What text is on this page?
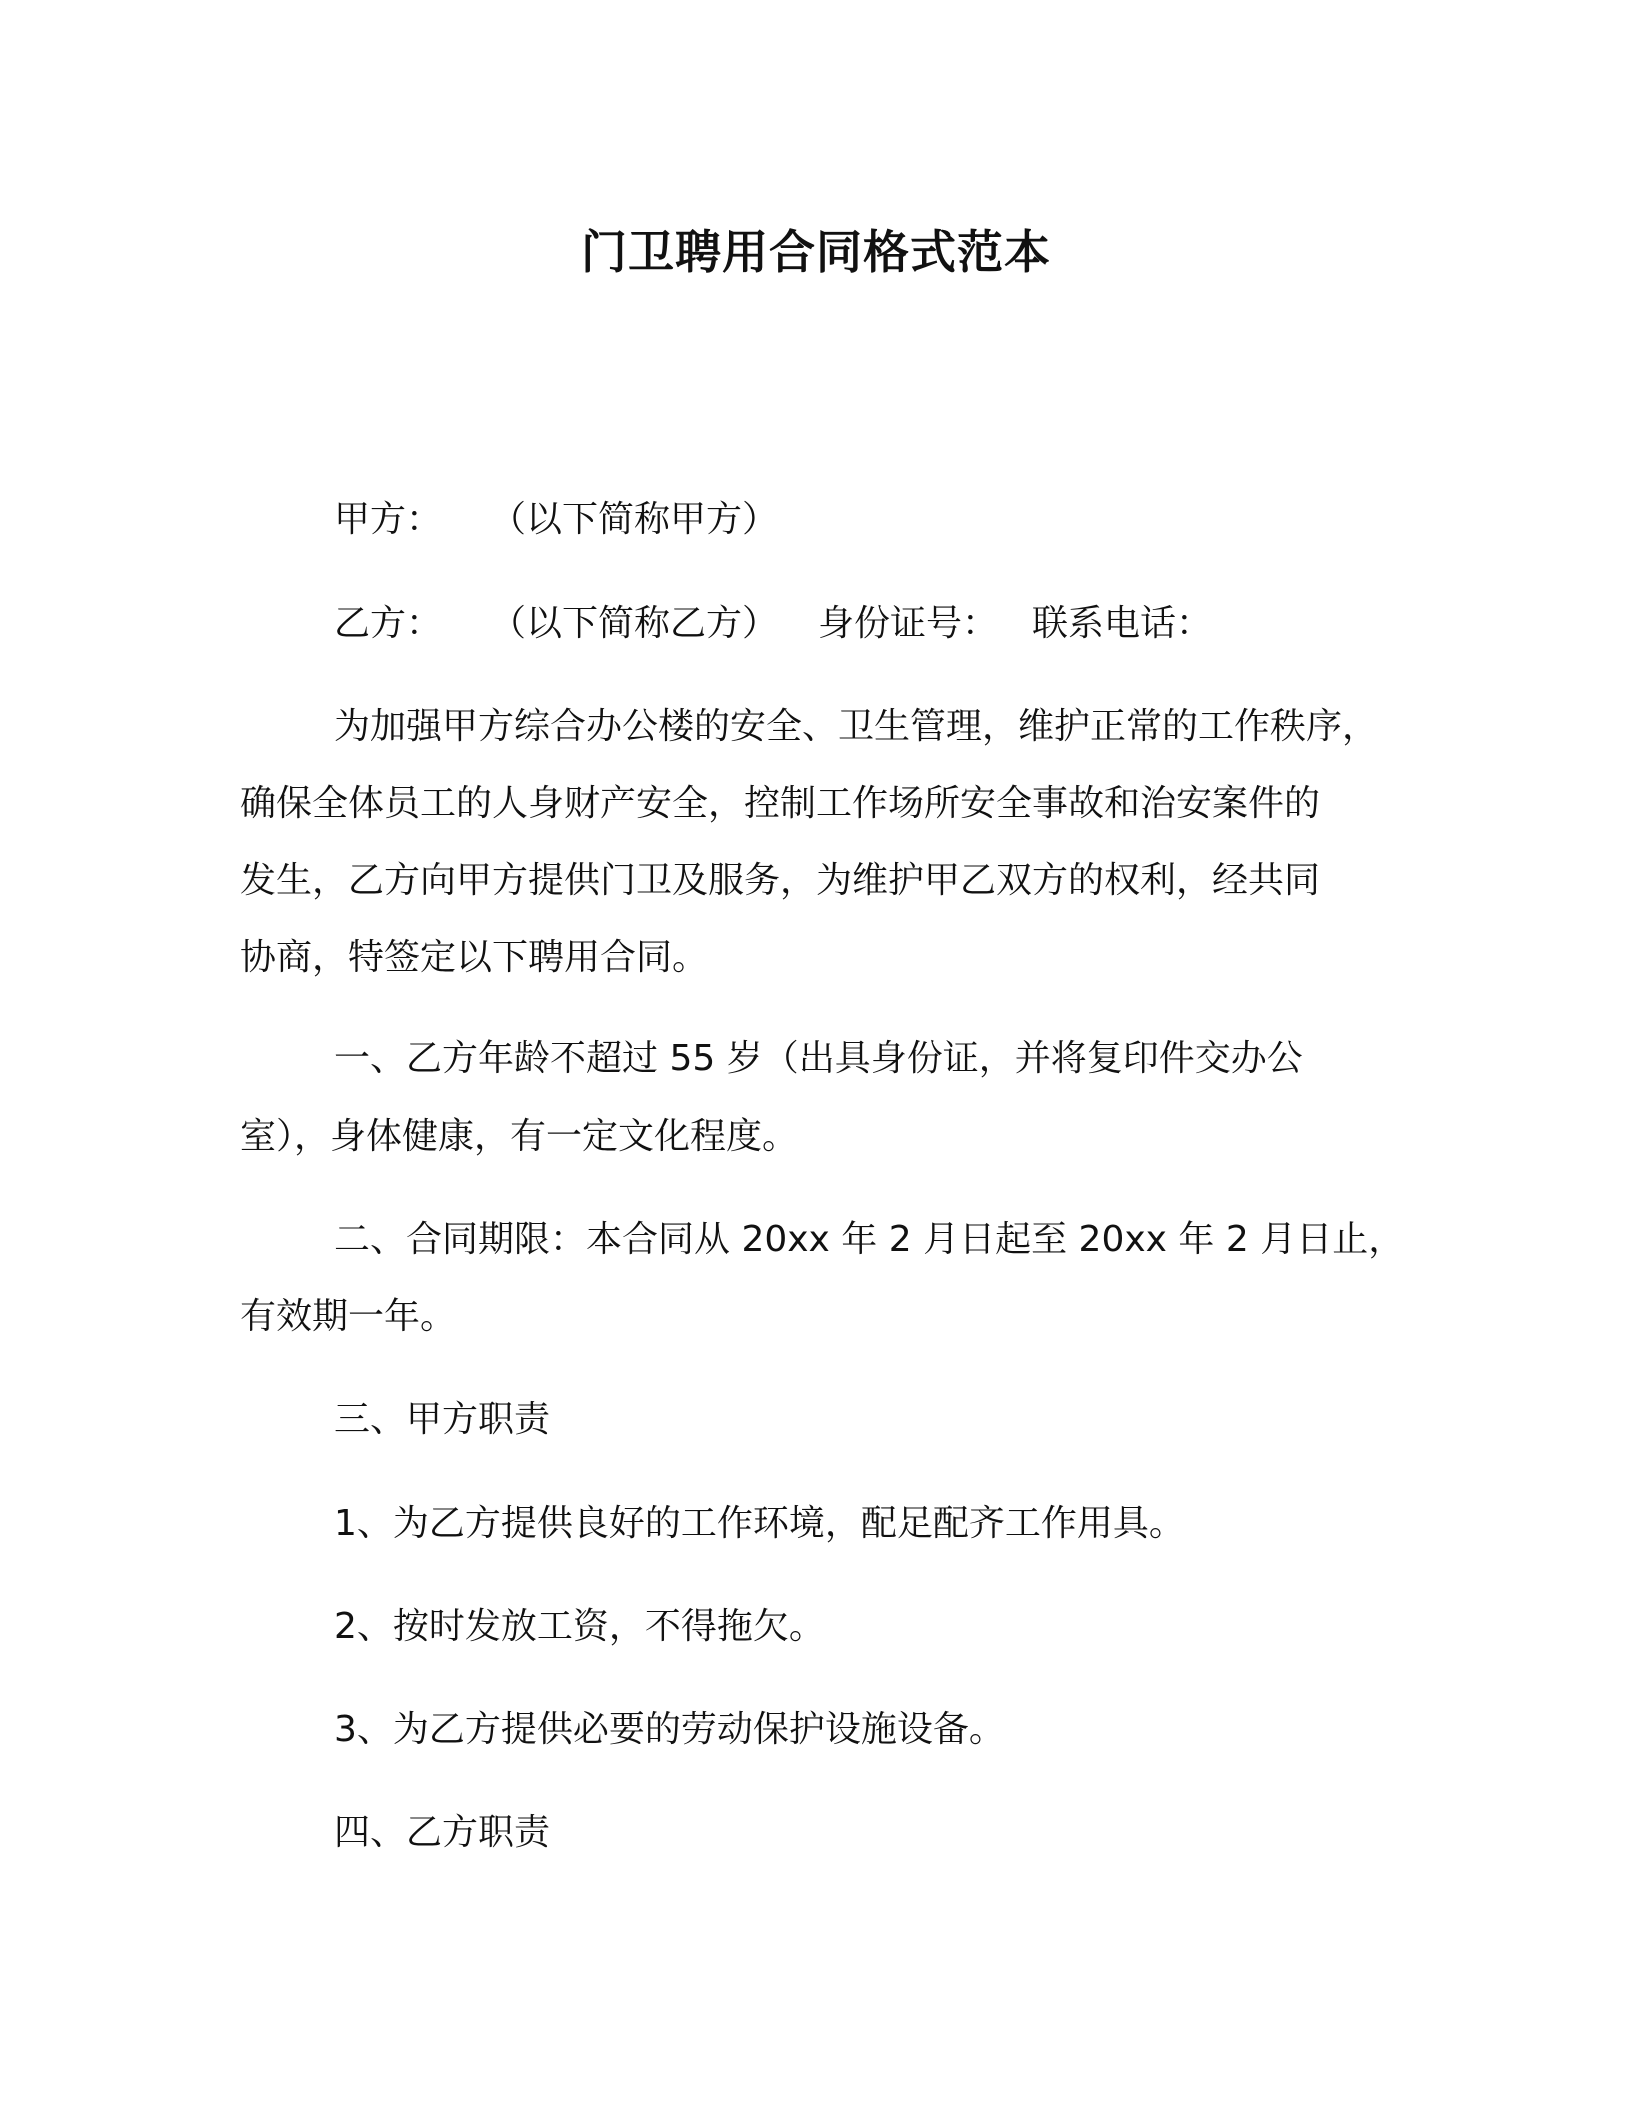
门卫聘用合同格式范本
甲方： （以下简称甲方）
乙方： （以下简称乙方） 身份证号： 联系电话：
为加强甲方综合办公楼的安全、卫生管理，维护正常的工作秩序，
确保全体员工的人身财产安全，控制工作场所安全事故和治安案件的
发生，乙方向甲方提供门卫及服务，为维护甲乙双方的权利，经共同
协商，特签定以下聘用合同。
一、乙方年龄不超过 55 岁（出具身份证，并将复印件交办公
室），身体健康，有一定文化程度。
二、合同期限：本合同从 20xx 年 2 月日起至 20xx 年 2 月日止，
有效期一年。
三、甲方职责
1、为乙方提供良好的工作环境，配足配齐工作用具。
2、按时发放工资，不得拖欠。
3、为乙方提供必要的劳动保护设施设备。
四、乙方职责
